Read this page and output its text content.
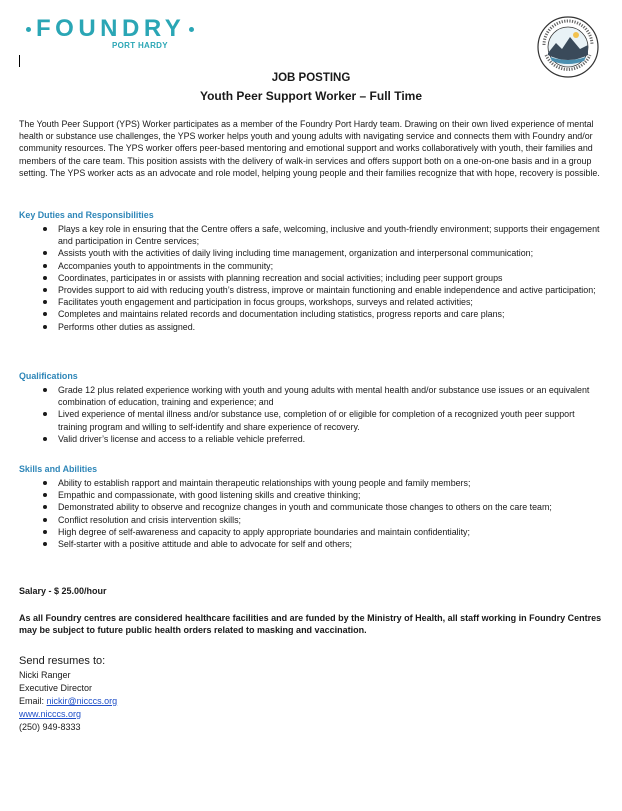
FOUNDRY
PORT HARDY

JOB POSTING

Youth Peer Support Worker – Full Time

The Youth Peer Support (YPS) Worker participates as a member of the Foundry Port Hardy team. Drawing on their own lived experience of mental health or substance use challenges, the YPS worker helps youth and young adults with navigating service and connects them with Foundry and/or community resources. The YPS worker offers peer-based mentoring and emotional support and works collaboratively with youth, their families and members of the care team. This position assists with the delivery of walk-in services and offers support both on a one-on-one basis and in a group setting. The YPS worker acts as an advocate and role model, helping young people and their families recognize that with hope, recovery is possible.

Key Duties and Responsibilities

Plays a key role in ensuring that the Centre offers a safe, welcoming, inclusive and youth-friendly environment; supports their engagement and participation in Centre services;
Assists youth with the activities of daily living including time management, organization and interpersonal communication;
Accompanies youth to appointments in the community;
Coordinates, participates in or assists with planning recreation and social activities; including peer support groups
Provides support to aid with reducing youth’s distress, improve or maintain functioning and enable independence and active participation;
Facilitates youth engagement and participation in focus groups, workshops, surveys and related activities;
Completes and maintains related records and documentation including statistics, progress reports and care plans;
Performs other duties as assigned.

Qualifications

Grade 12 plus related experience working with youth and young adults with mental health and/or substance use issues or an equivalent combination of education, training and experience; and
Lived experience of mental illness and/or substance use, completion of or eligible for completion of a recognized youth peer support training program and willing to self-identify and share experience of recovery.
Valid driver’s license and access to a reliable vehicle preferred.

Skills and Abilities

Ability to establish rapport and maintain therapeutic relationships with young people and family members;
Empathic and compassionate, with good listening skills and creative thinking;
Demonstrated ability to observe and recognize changes in youth and communicate those changes to others on the care team;
Conflict resolution and crisis intervention skills;
High degree of self-awareness and capacity to apply appropriate boundaries and maintain confidentiality;
Self-starter with a positive attitude and able to advocate for self and others;

Salary - $ 25.00/hour

As all Foundry centres are considered healthcare facilities and are funded by the Ministry of Health, all staff working in Foundry Centres may be subject to future public health orders related to masking and vaccination.

Send resumes to:

Nicki Ranger
Executive Director
Email: nickir@nicccs.org
www.nicccs.org
(250) 949-8333
